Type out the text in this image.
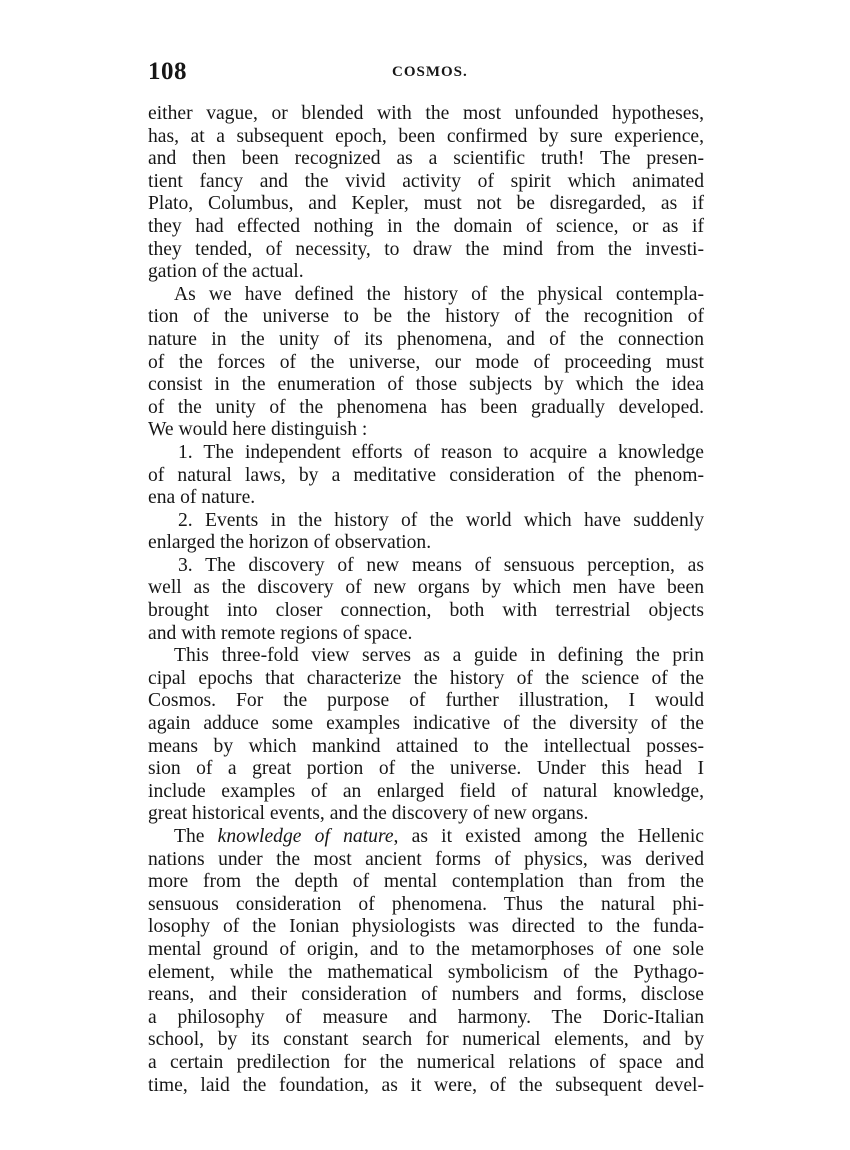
108	COSMOS.
either vague, or blended with the most unfounded hypotheses,
has, at a subsequent epoch, been confirmed by sure experience,
and then been recognized as a scientific truth! The presen-
tient fancy and the vivid activity of spirit which animated
Plato, Columbus, and Kepler, must not be disregarded, as if
they had effected nothing in the domain of science, or as if
they tended, of necessity, to draw the mind from the investi-
gation of the actual.
As we have defined the history of the physical contempla-
tion of the universe to be the history of the recognition of
nature in the unity of its phenomena, and of the connection
of the forces of the universe, our mode of proceeding must
consist in the enumeration of those subjects by which the idea
of the unity of the phenomena has been gradually developed.
We would here distinguish :
1. The independent efforts of reason to acquire a knowledge
of natural laws, by a meditative consideration of the phenom-
ena of nature.
2. Events in the history of the world which have suddenly
enlarged the horizon of observation.
3. The discovery of new means of sensuous perception, as
well as the discovery of new organs by which men have been
brought into closer connection, both with terrestrial objects
and with remote regions of space.
This three-fold view serves as a guide in defining the prin
cipal epochs that characterize the history of the science of the
Cosmos. For the purpose of further illustration, I would
again adduce some examples indicative of the diversity of the
means by which mankind attained to the intellectual posses-
sion of a great portion of the universe. Under this head I
include examples of an enlarged field of natural knowledge,
great historical events, and the discovery of new organs.
The knowledge of nature, as it existed among the Hellenic
nations under the most ancient forms of physics, was derived
more from the depth of mental contemplation than from the
sensuous consideration of phenomena. Thus the natural phi-
losophy of the Ionian physiologists was directed to the funda-
mental ground of origin, and to the metamorphoses of one sole
element, while the mathematical symbolicism of the Pythago-
reans, and their consideration of numbers and forms, disclose
a philosophy of measure and harmony. The Doric-Italian
school, by its constant search for numerical elements, and by
a certain predilection for the numerical relations of space and
time, laid the foundation, as it were, of the subsequent devel-
